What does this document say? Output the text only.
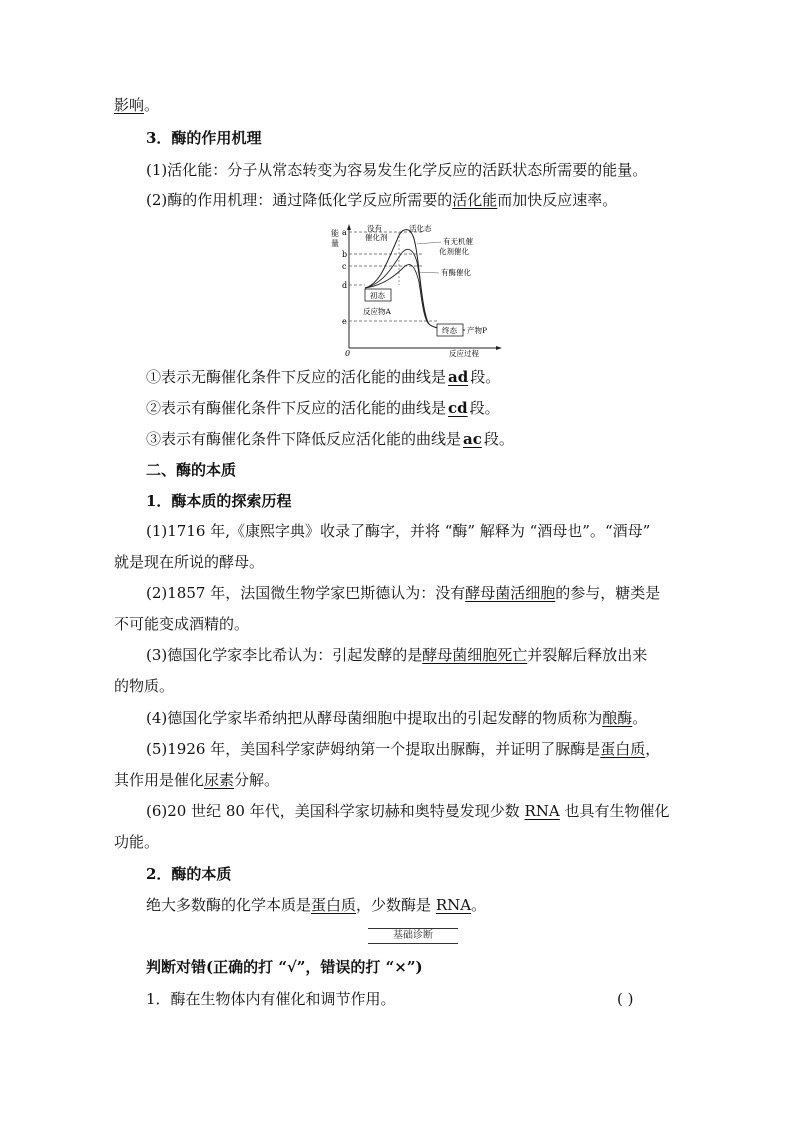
影响。
3．酶的作用机理
(1)活化能：分子从常态转变为容易发生化学反应的活跃状态所需要的能量。
(2)酶的作用机理：通过降低化学反应所需要的活化能而加快反应速率。
能
量
a
b
c
d
e
0
没有
催化剂
活化态
有无机催
化剂催化
有酶催化
初态
反应物A
终态 产物P
反应过程
①表示无酶催化条件下反应的活化能的曲线是 ad 段。
②表示有酶催化条件下反应的活化能的曲线是 cd 段。
③表示有酶催化条件下降低反应活化能的曲线是 ac 段。
二、酶的本质
1．酶本质的探索历程
(1)1716 年,《康熙字典》收录了酶字，并将 “酶” 解释为 “酒母也”。“酒母”
就是现在所说的酵母。
(2)1857 年，法国微生物学家巴斯德认为：没有酵母菌活细胞的参与，糖类是
不可能变成酒精的。
(3)德国化学家李比希认为：引起发酵的是酵母菌细胞死亡并裂解后释放出来
的物质。
(4)德国化学家毕希纳把从酵母菌细胞中提取出的引起发酵的物质称为酿酶。
(5)1926 年，美国科学家萨姆纳第一个提取出脲酶，并证明了脲酶是蛋白质，
其作用是催化尿素分解。
(6)20 世纪 80 年代，美国科学家切赫和奥特曼发现少数 RNA 也具有生物催化
功能。
2．酶的本质
绝大多数酶的化学本质是蛋白质，少数酶是 RNA。
基础诊断
判断对错(正确的打 “√”，错误的打 “×”)
1．酶在生物体内有催化和调节作用。	( )
